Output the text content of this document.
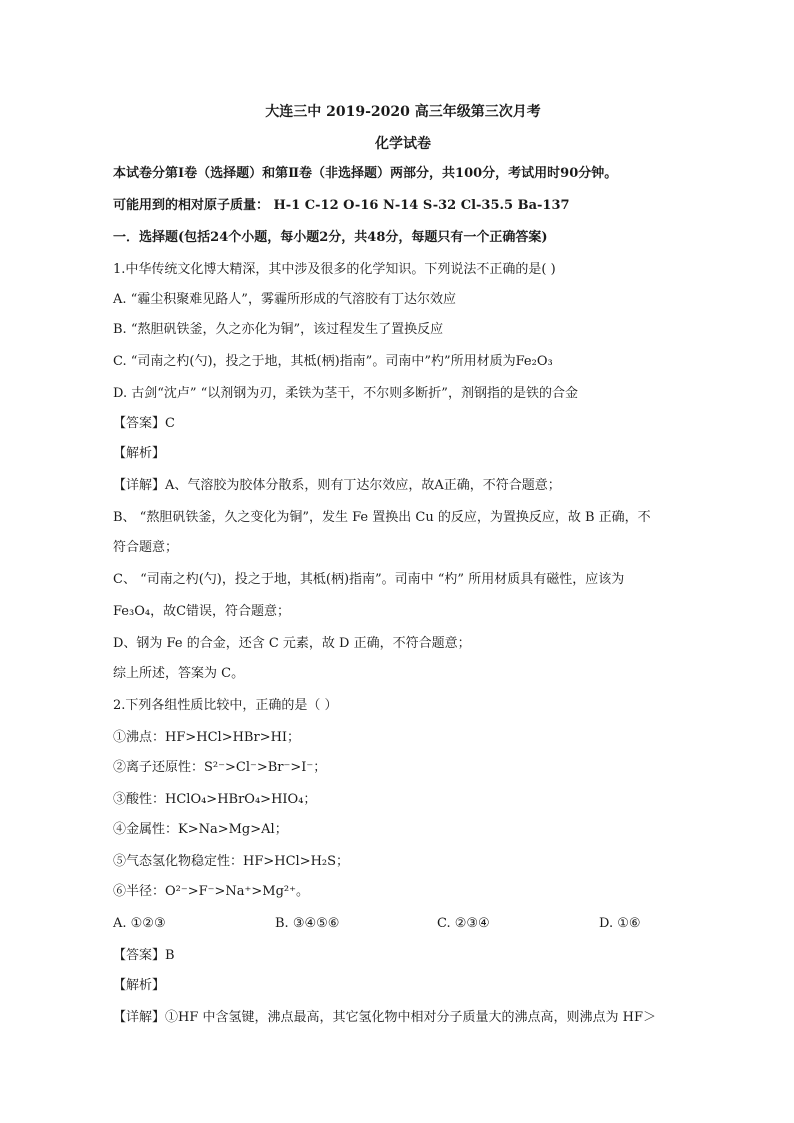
大连三中 2019-2020 高三年级第三次月考
化学试卷
本试卷分第Ⅰ卷（选择题）和第Ⅱ卷（非选择题）两部分，共100分，考试用时90分钟。
可能用到的相对原子质量： H-1 C-12 O-16 N-14 S-32 Cl-35.5 Ba-137
一．选择题(包括24个小题，每小题2分，共48分，每题只有一个正确答案)
1.中华传统文化博大精深，其中涉及很多的化学知识。下列说法不正确的是( )
A. “霾尘积聚难见路人”，雾霾所形成的气溶胶有丁达尔效应
B. “熬胆矾铁釜，久之亦化为铜”，该过程发生了置换反应
C. “司南之杓(勺)，投之于地，其柢(柄)指南”。司南中”杓”所用材质为Fe₂O₃
D. 古剑“沈卢” “以剂钢为刃，柔铁为茎干，不尔则多断折”，剂钢指的是铁的合金
【答案】C
【解析】
【详解】A、气溶胶为胶体分散系，则有丁达尔效应，故A正确，不符合题意；
B、 “熬胆矾铁釜，久之变化为铜”，发生 Fe 置换出 Cu 的反应，为置换反应，故 B 正确，不
符合题意；
C、 “司南之杓(勺)，投之于地，其柢(柄)指南”。司南中 “杓” 所用材质具有磁性，应该为
Fe₃O₄，故C错误，符合题意；
D、钢为 Fe 的合金，还含 C 元素，故 D 正确，不符合题意；
综上所述，答案为 C。
2.下列各组性质比较中，正确的是（ ）
①沸点：HF>HCl>HBr>HI；
②离子还原性：S²⁻>Cl⁻>Br⁻>I⁻；
③酸性：HClO₄>HBrO₄>HIO₄；
④金属性：K>Na>Mg>Al；
⑤气态氢化物稳定性：HF>HCl>H₂S；
⑥半径：O²⁻>F⁻>Na⁺>Mg²⁺。
A. ①②③	B. ③④⑤⑥	C. ②③④	D. ①⑥
【答案】B
【解析】
【详解】①HF 中含氢键，沸点最高，其它氢化物中相对分子质量大的沸点高，则沸点为 HF＞
